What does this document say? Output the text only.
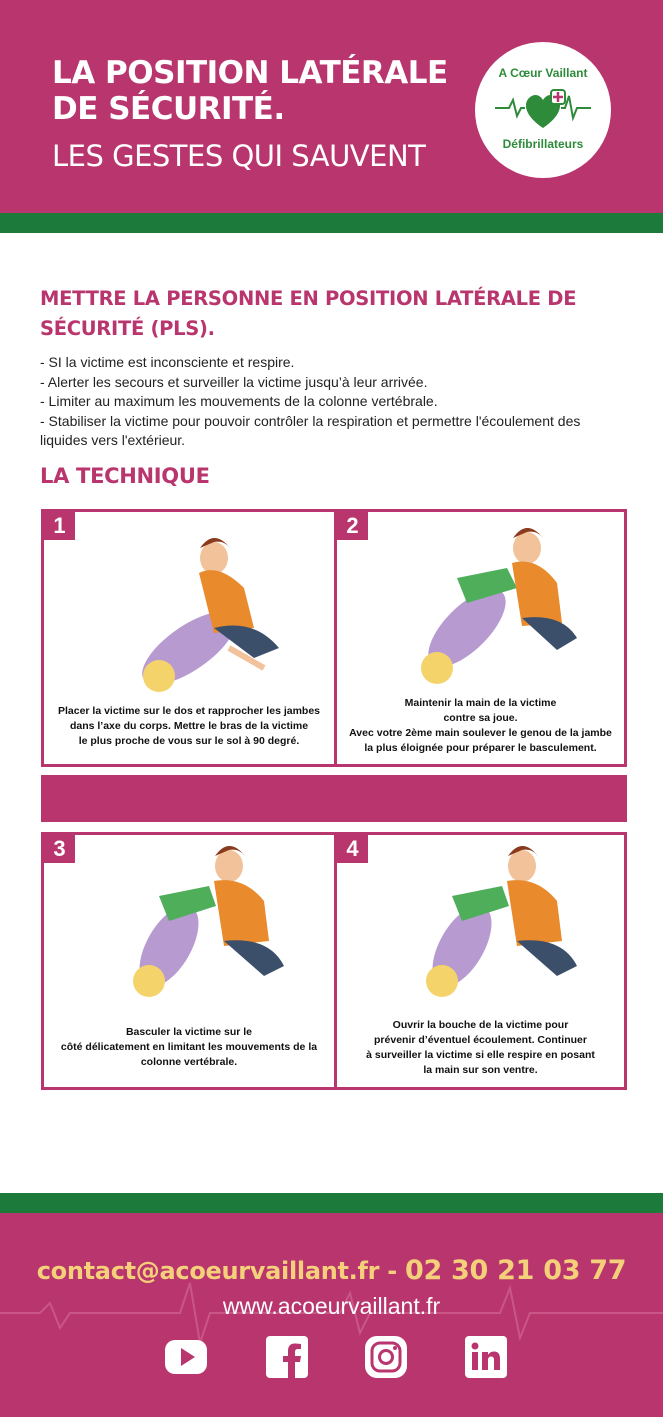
LA POSITION LATÉRALE
DE SÉCURITÉ.
LES GESTES QUI SAUVENT
A Cœur Vaillant
Défibrillateurs
METTRE LA PERSONNE EN POSITION LATÉRALE DE SÉCURITÉ (PLS).
- SI la victime est inconsciente et respire.
- Alerter les secours et surveiller la victime jusqu’à leur arrivée.
- Limiter au maximum les mouvements de la colonne vertébrale.
- Stabiliser la victime pour pouvoir contrôler la respiration et permettre l'écoulement des liquides vers l'extérieur.
LA TECHNIQUE
1
Placer la victime sur le dos et rapprocher les jambes
dans l’axe du corps. Mettre le bras de la victime
le plus proche de vous sur le sol à 90 degré.
2
Maintenir la main de la victime
contre sa joue.
Avec votre 2ème main soulever le genou de la jambe
la plus éloignée pour préparer le basculement.
3
Basculer la victime sur le
côté délicatement en limitant les mouvements de la
colonne vertébrale.
4
Ouvrir la bouche de la victime pour
prévenir d’éventuel écoulement. Continuer
à surveiller la victime si elle respire en posant
la main sur son ventre.
contact@acoeurvaillant.fr - 02 30 21 03 77
www.acoeurvaillant.fr
